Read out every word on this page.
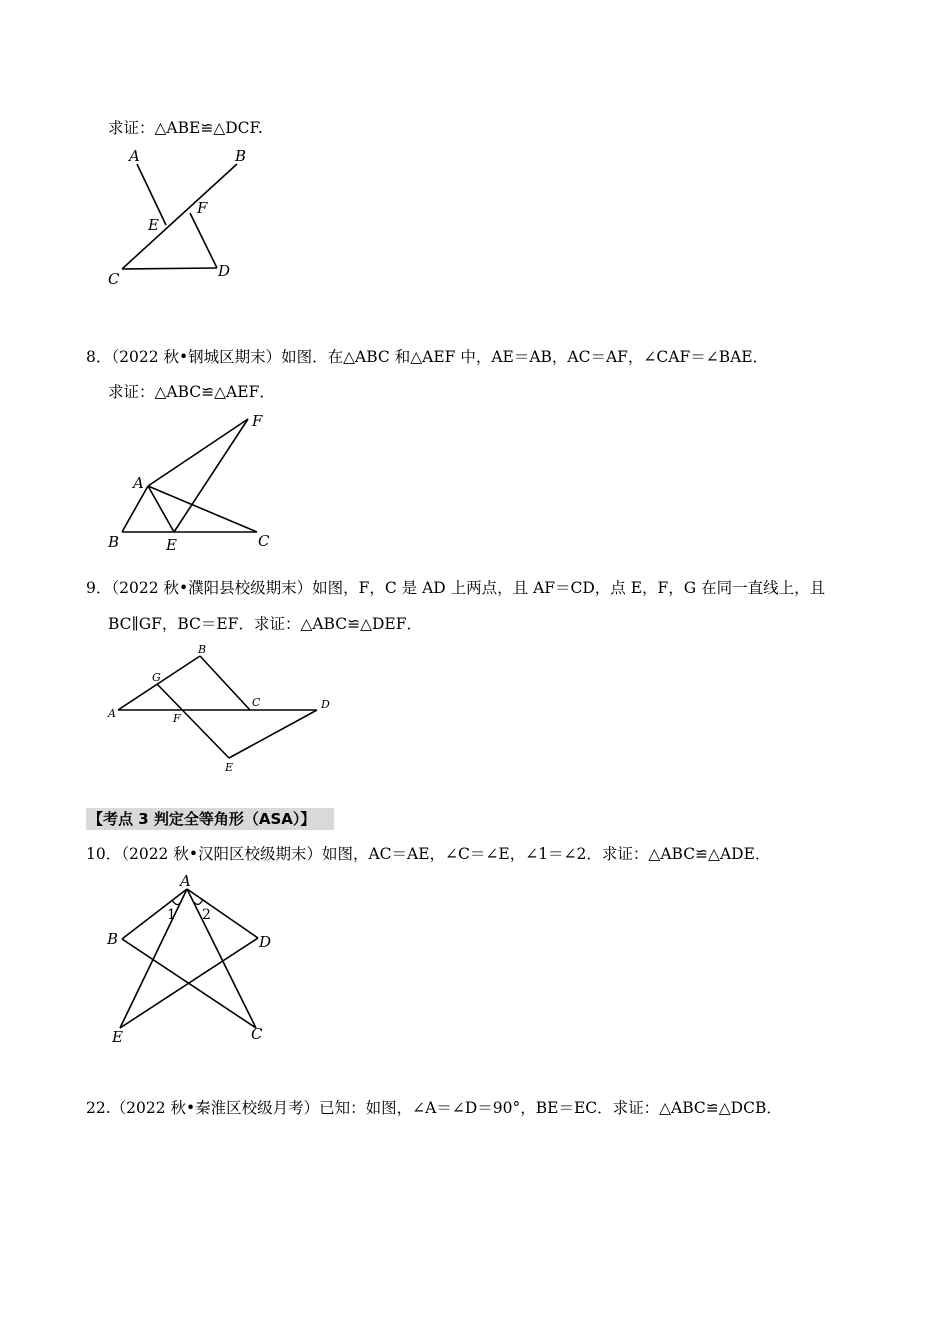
求证：△ABE≌△DCF.
A	B
E
F
C	D
8．（2022 秋•钢城区期末）如图．在△ABC 和△AEF 中，AE＝AB，AC＝AF，∠CAF＝∠BAE．
求证：△ABC≌△AEF．
F
A
B	E	C
9．（2022 秋•濮阳县校级期末）如图，F，C 是 AD 上两点，且 AF＝CD，点 E，F，G 在同一直线上，且
BC∥GF，BC＝EF．求证：△ABC≌△DEF．
B
G
C	D
A	F
E
【考点 3 判定全等角形（ASA）】
10．（2022 秋•汉阳区校级期末）如图，AC＝AE，∠C＝∠E，∠1＝∠2．求证：△ABC≌△ADE．
A
1 2
B	D
E	C
22.（2022 秋•秦淮区校级月考）已知：如图，∠A＝∠D＝90°，BE＝EC．求证：△ABC≌△DCB．
